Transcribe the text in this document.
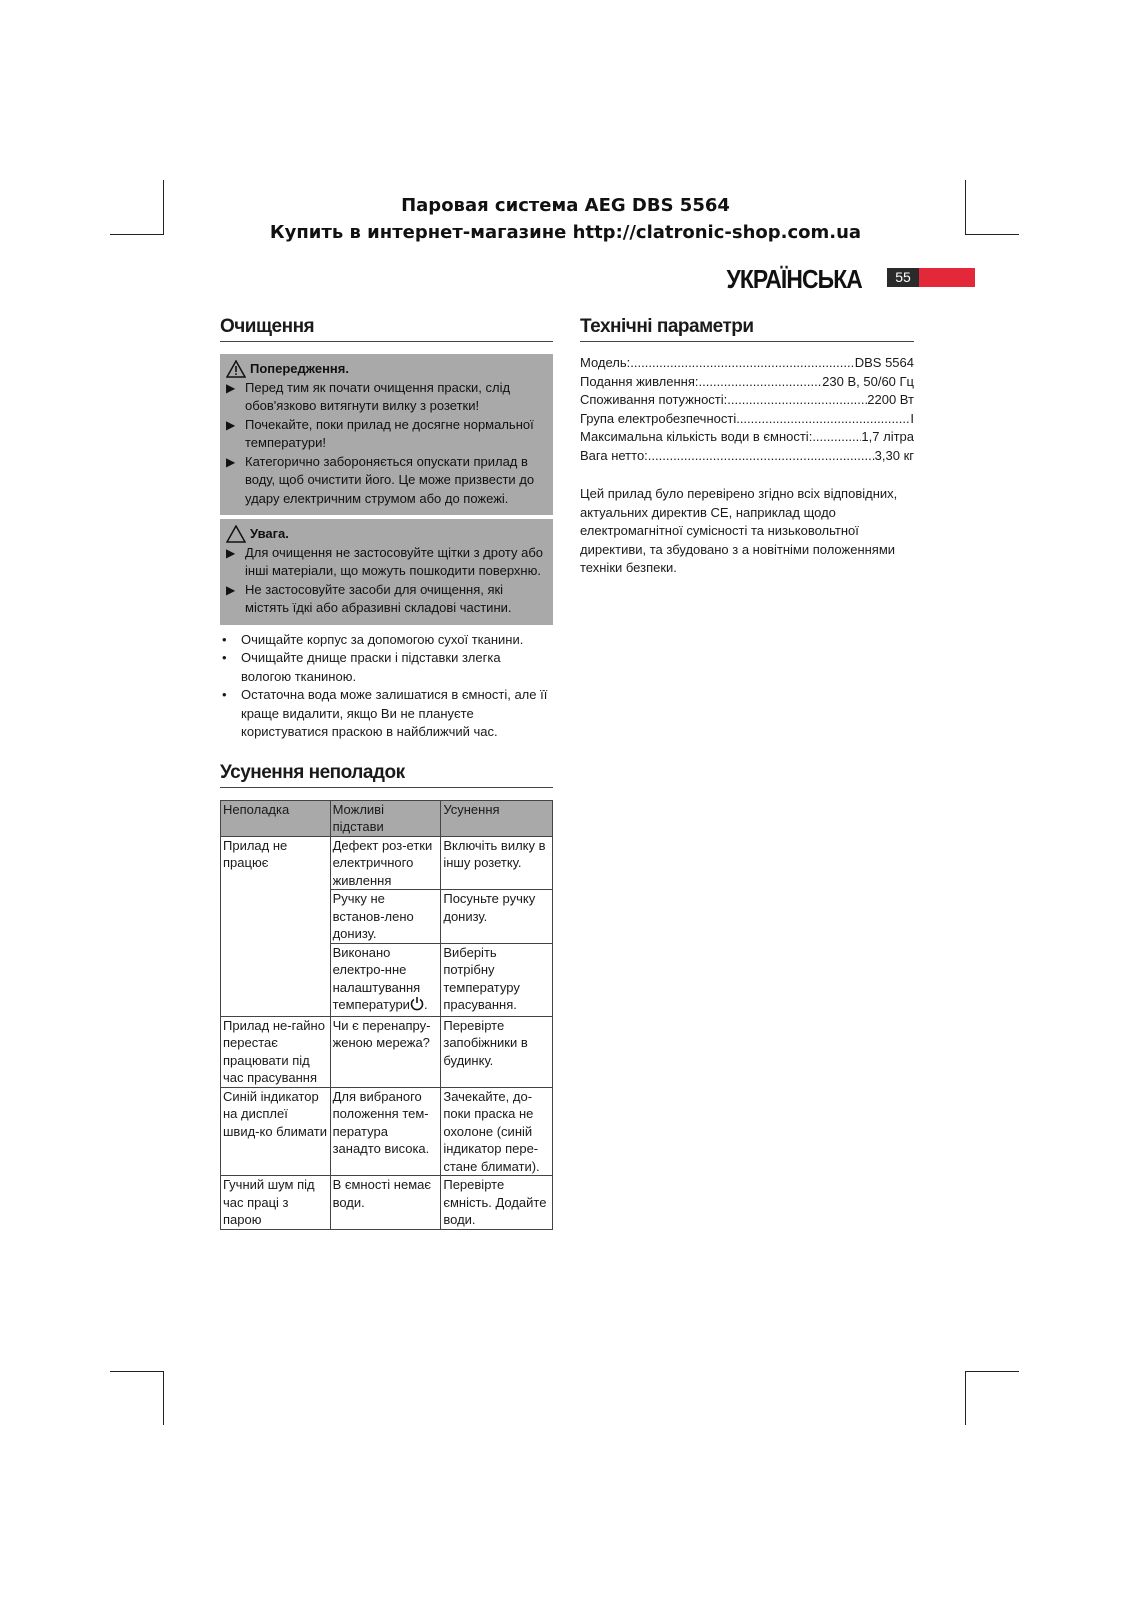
Паровая система AEG DBS 5564
Купить в интернет-магазине http://clatronic-shop.com.ua
УКРАЇНСЬКА	55
Очищення
Попередження.
▶ Перед тим як почати очищення праски, слід обов'язково витягнути вилку з розетки!
▶ Почекайте, поки прилад не досягне нормальної температури!
▶ Категорично забороняється опускати прилад в воду, щоб очистити його. Це може призвести до удару електричним струмом або до пожежі.
Увага.
▶ Для очищення не застосовуйте щітки з дроту або інші матеріали, що можуть пошкодити поверхню.
▶ Не застосовуйте засоби для очищення, які містять їдкі або абразивні складові частини.
•	Очищайте корпус за допомогою сухої тканини.
•	Очищайте днище праски і підставки злегка вологою тканиною.
•	Остаточна вода може залишатися в ємності, але її краще видалити, якщо Ви не плануєте користуватися праскою в найближчий час.
Усунення неполадок
Неполадка	Можливі підстави	Усунення
Прилад не працює	Дефект роз-етки електричного живлення	Включіть вилку в іншу розетку.
	Ручку не встанов-лено донизу.	Посуньте ручку донизу.
	Виконано електро-нне налаштування температури .	Виберіть потрібну температуру прасування.
Прилад не-гайно перестає працювати під час прасування	Чи є перенапру-женою мережа?	Перевірте запобіжники в будинку.
Синій індикатор на дисплеї швид-ко блимати	Для вибраного положення тем-пература занадто висока.	Зачекайте, до-поки праска не охолоне (синій індикатор пере-стане блимати).
Гучний шум під час праці з парою	В ємності немає води.	Перевірте ємність. Додайте води.
Технічні параметри
Модель: .....	DBS 5564
Подання живлення: .....	230 В, 50/60 Гц
Споживання потужності: .....	2200 Вт
Група електробезпечності .....	I
Максимальна кількість води в ємності: .....	1,7 літра
Вага нетто: .....	3,30 кг
Цей прилад було перевірено згідно всіх відповідних, актуальних директив СЕ, наприклад щодо електромагнітної сумісності та низьковольтної директиви, та збудовано з а новітніми положеннями техніки безпеки.
